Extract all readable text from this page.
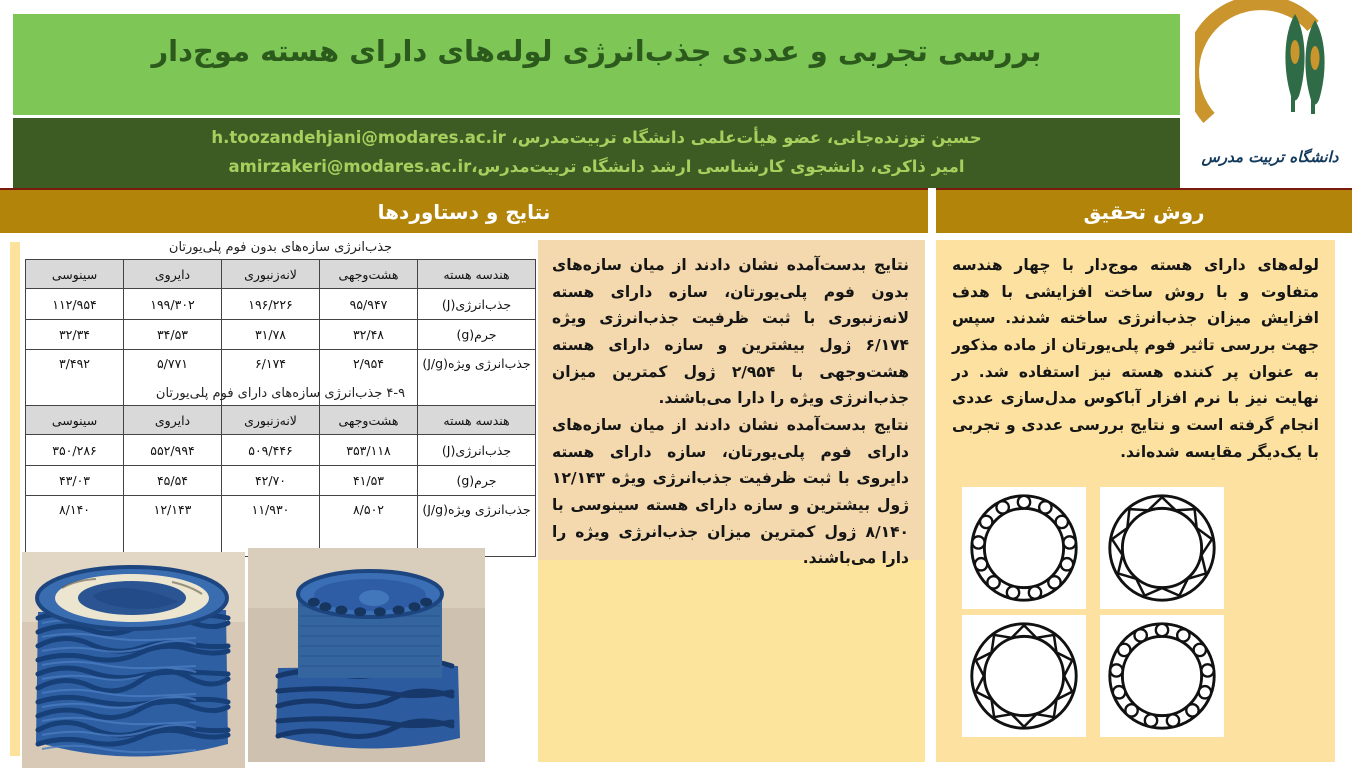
بررسی تجربی و عددی جذب‌انرژی لوله‌های دارای هسته موج‌دار
حسین توزنده‌جانی، عضو هیأت‌علمی دانشگاه تربیت‌مدرس، h.toozandehjani@modares.ac.ir
امیر ذاکری، دانشجوی کارشناسی ارشد دانشگاه تربیت‌مدرس،amirzakeri@modares.ac.ir	دانشگاه تربیت مدرس
نتایج و دستاوردها	روش تحقیق
جذب‌انرژی سازه‌های بدون فوم پلی‌یورتان
هندسه هسته	هشت‌وجهی	لانه‌زنبوری	دایروی	سینوسی
جذب‌انرژی(J)	۹۵/۹۴۷	۱۹۶/۲۲۶	۱۹۹/۳۰۲	۱۱۲/۹۵۴
جرم(g)	۳۲/۴۸	۳۱/۷۸	۳۴/۵۳	۳۲/۳۴
جذب‌انرژی ویژه(J/g)	۲/۹۵۴	۶/۱۷۴	۵/۷۷۱	۳/۴۹۲
۴-۹ جذب‌انرژی سازه‌های دارای فوم پلی‌یورتان
هندسه هسته	هشت‌وجهی	لانه‌زنبوری	دایروی	سینوسی
جذب‌انرژی(J)	۳۵۳/۱۱۸	۵۰۹/۴۴۶	۵۵۲/۹۹۴	۳۵۰/۲۸۶
جرم(g)	۴۱/۵۳	۴۲/۷۰	۴۵/۵۴	۴۳/۰۳
جذب‌انرژی ویژه(J/g)	۸/۵۰۲	۱۱/۹۳۰	۱۲/۱۴۳	۸/۱۴۰

نتایج بدست‌آمده نشان دادند از میان سازه‌های بدون فوم پلی‌یورتان، سازه دارای هسته لانه‌زنبوری با ثبت ظرفیت جذب‌انرژی ویژه ۶/۱۷۴ ژول بیشترین و سازه دارای هسته هشت‌وجهی با ۲/۹۵۴ ژول کمترین میزان جذب‌انرژی ویژه را دارا می‌باشند.

نتایج بدست‌آمده نشان دادند از میان سازه‌های دارای فوم پلی‌یورتان، سازه دارای هسته دایروی با ثبت ظرفیت جذب‌انرژی ویژه ۱۲/۱۴۳ ژول بیشترین و سازه دارای هسته سینوسی با ۸/۱۴۰ ژول کمترین میزان جذب‌انرژی ویژه را دارا می‌باشند.

لوله‌های دارای هسته موج‌دار با چهار هندسه متفاوت و با روش ساخت افزایشی با هدف افزایش میزان جذب‌انرژی ساخته شدند. سپس جهت بررسی تاثیر فوم پلی‌یورتان از ماده مذکور به عنوان پر کننده هسته نیز استفاده شد. در نهایت نیز با نرم افزار آباکوس مدل‌سازی عددی انجام گرفته است و نتایج بررسی عددی و تجربی با یک‌دیگر مقایسه شده‌اند.
